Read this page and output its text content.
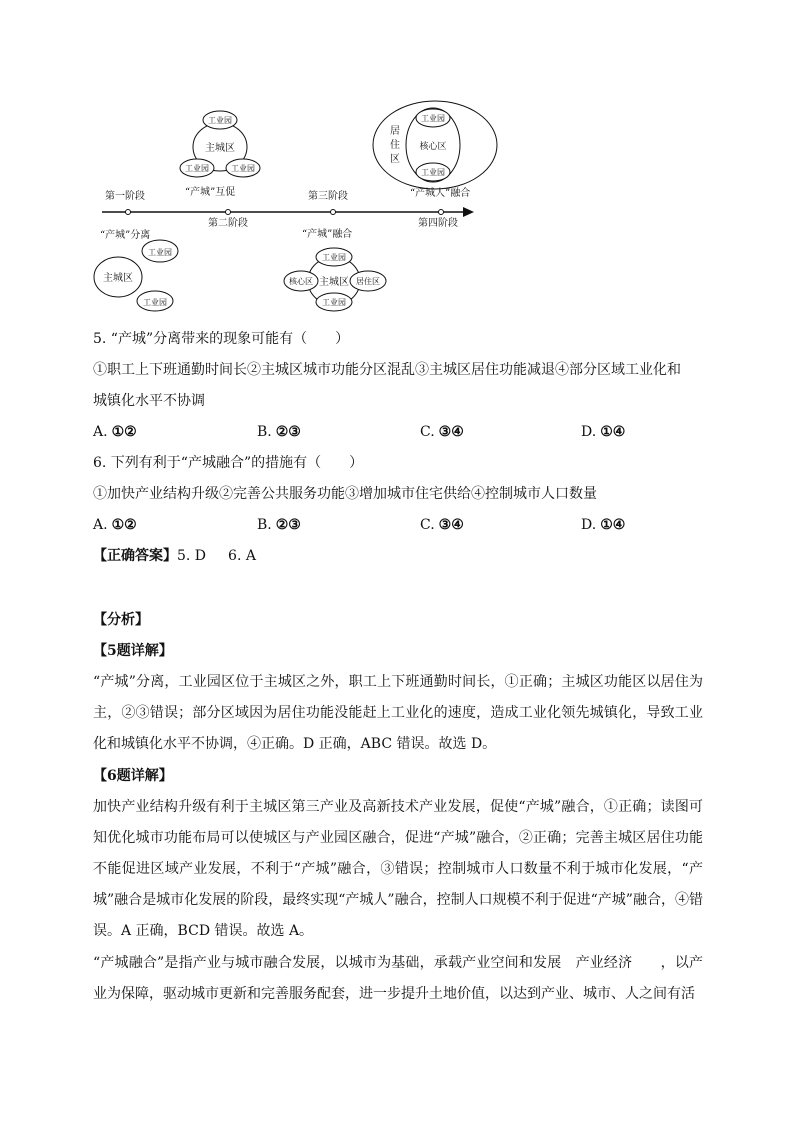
第一阶段
第二阶段
第三阶段
第四阶段
“产城”分离
主城区
工业园
工业园
主城区
工业园
工业园	工业园
“产城”互促
“产城”融合
工业园
工业园
核心区	居住区
主城区
工业园
工业园
核心区
居
住
区
“产城人”融合
5. “产城”分离带来的现象可能有（　　）
①职工上下班通勤时间长②主城区城市功能分区混乱③主城区居住功能减退④部分区域工业化和
城镇化水平不协调
A. ①②	B. ②③	C. ③④	D. ①④
6. 下列有利于“产城融合”的措施有（　　）
①加快产业结构升级②完善公共服务功能③增加城市住宅供给④控制城市人口数量
A. ①②	B. ②③	C. ③④	D. ①④
【正确答案】5. D 6. A
【分析】
【5题详解】
“产城”分离，工业园区位于主城区之外，职工上下班通勤时间长，①正确；主城区功能区以居住为主，②③错误；部分区域因为居住功能没能赶上工业化的速度，造成工业化领先城镇化，导致工业化和城镇化水平不协调，④正确。D 正确，ABC 错误。故选 D。
【6题详解】
加快产业结构升级有利于主城区第三产业及高新技术产业发展，促使“产城”融合，①正确；读图可知优化城市功能布局可以使城区与产业园区融合，促进“产城”融合，②正确；完善主城区居住功能不能促进区域产业发展，不利于“产城”融合，③错误；控制城市人口数量不利于城市化发展，“产城”融合是城市化发展的阶段，最终实现“产城人”融合，控制人口规模不利于促进“产城”融合，④错误。A 正确，BCD 错误。故选 A。
“产城融合”是指产业与城市融合发展，以城市为基础，承载产业空间和发展　产业经济　　，以产业为保障，驱动城市更新和完善服务配套，进一步提升土地价值，以达到产业、城市、人之间有活
